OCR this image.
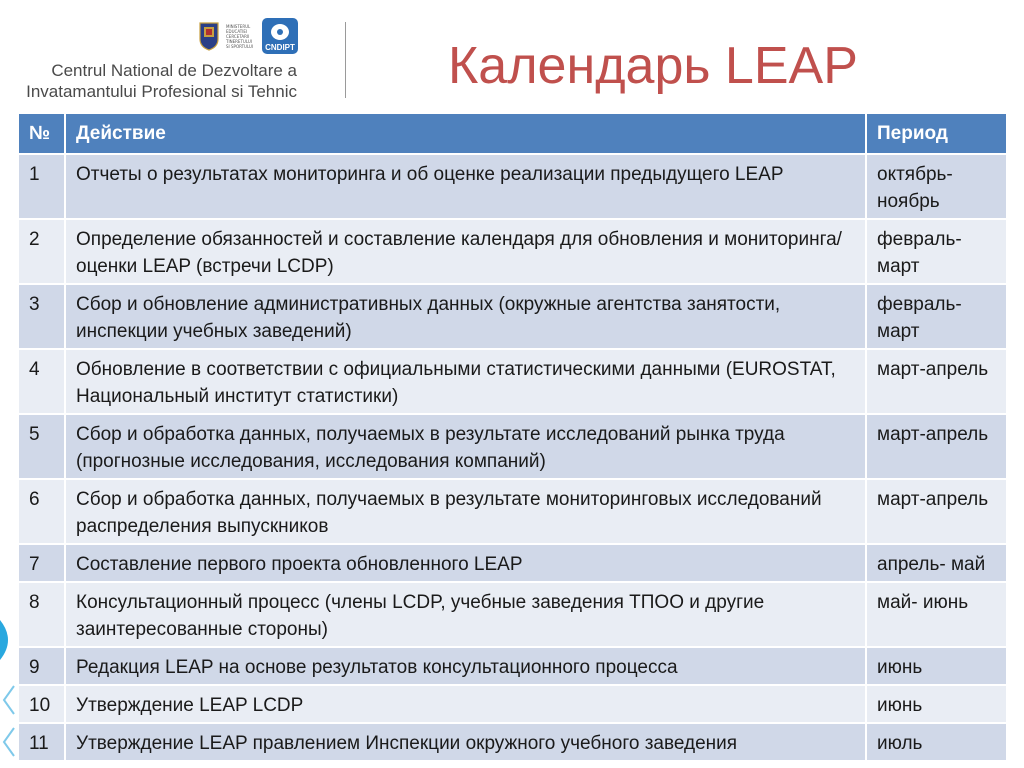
MINISTERUL EDUCATIEI CERCETARII TINERETULUI SI SPORTULUI	CNDIPT
Centrul National de Dezvoltare a
Invatamantului Profesional si Tehnic	Календарь LEAP
№	Действие	Период
1	Отчеты о результатах мониторинга и об оценке реализации предыдущего LEAP	октябрь-ноябрь
2	Определение обязанностей и составление календаря для обновления и мониторинга/оценки LEAP (встречи LCDP)	февраль-март
3	Сбор и обновление административных данных (окружные агентства занятости, инспекции учебных заведений)	февраль-март
4	Обновление в соответствии с официальными статистическими данными (EUROSTAT, Национальный институт статистики)	март-апрель
5	Сбор и обработка данных, получаемых в результате исследований рынка труда (прогнозные исследования, исследования компаний)	март-апрель
6	Сбор и обработка данных, получаемых в результате мониторинговых исследований распределения выпускников	март-апрель
7	Составление первого проекта обновленного LEAP	апрель- май
8	Консультационный процесс (члены LCDP, учебные заведения ТПОО и другие заинтересованные стороны)	май- июнь
9	Редакция LEAP на основе результатов консультационного процесса	июнь
10	Утверждение LEAP LCDP	июнь
11	Утверждение LEAP правлением Инспекции окружного учебного заведения	июль
